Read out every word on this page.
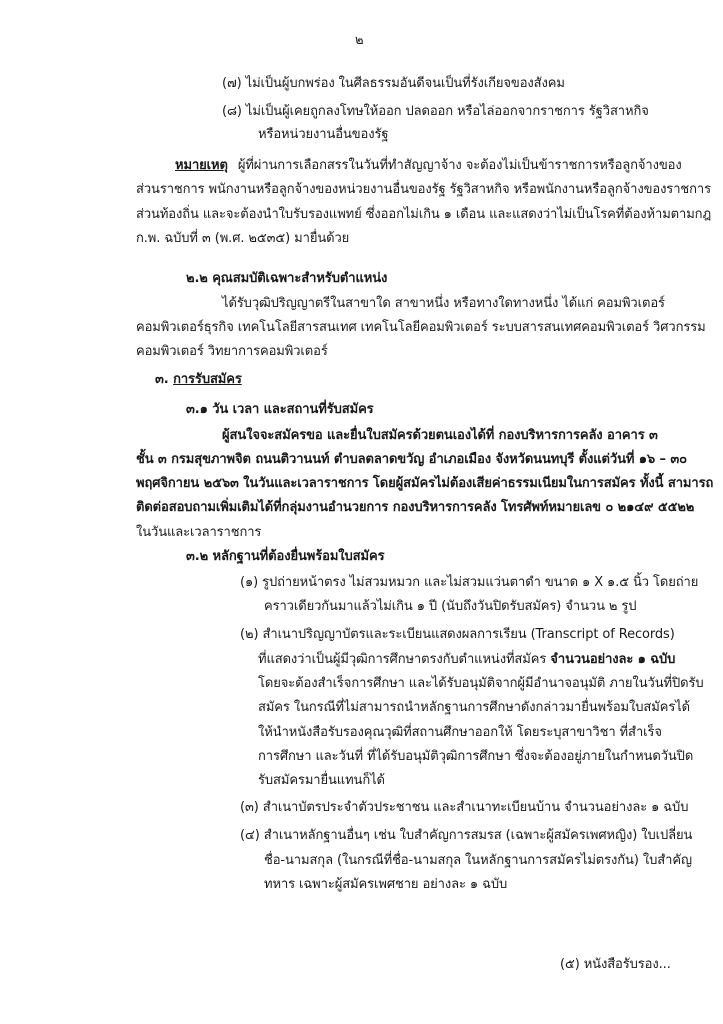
๒
(๗) ไม่เป็นผู้บกพร่อง ในศีลธรรมอันดีจนเป็นที่รังเกียจของสังคม
(๘) ไม่เป็นผู้เคยถูกลงโทษให้ออก ปลดออก หรือไล่ออกจากราชการ รัฐวิสาหกิจ
หรือหน่วยงานอื่นของรัฐ
หมายเหตุ ผู้ที่ผ่านการเลือกสรรในวันที่ทำสัญญาจ้าง จะต้องไม่เป็นข้าราชการหรือลูกจ้างของ
ส่วนราชการ พนักงานหรือลูกจ้างของหน่วยงานอื่นของรัฐ รัฐวิสาหกิจ หรือพนักงานหรือลูกจ้างของราชการ
ส่วนท้องถิ่น และจะต้องนำใบรับรองแพทย์ ซึ่งออกไม่เกิน ๑ เดือน และแสดงว่าไม่เป็นโรคที่ต้องห้ามตามกฎ
ก.พ. ฉบับที่ ๓ (พ.ศ. ๒๕๓๕) มายื่นด้วย
๒.๒ คุณสมบัติเฉพาะสำหรับตำแหน่ง
ได้รับวุฒิปริญญาตรีในสาขาใด สาขาหนึ่ง หรือทางใดทางหนึ่ง ได้แก่ คอมพิวเตอร์
คอมพิวเตอร์ธุรกิจ เทคโนโลยีสารสนเทศ เทคโนโลยีคอมพิวเตอร์ ระบบสารสนเทศคอมพิวเตอร์ วิศวกรรม
คอมพิวเตอร์ วิทยาการคอมพิวเตอร์
๓. การรับสมัคร
๓.๑ วัน เวลา และสถานที่รับสมัคร
ผู้สนใจจะสมัครขอ และยื่นใบสมัครด้วยตนเองได้ที่ กองบริหารการคลัง อาคาร ๓
ชั้น ๓ กรมสุขภาพจิต ถนนติวานนท์ ตำบลตลาดขวัญ อำเภอเมือง จังหวัดนนทบุรี ตั้งแต่วันที่ ๑๖ – ๓๐
พฤศจิกายน ๒๕๖๓ ในวันและเวลาราชการ โดยผู้สมัครไม่ต้องเสียค่าธรรมเนียมในการสมัคร ทั้งนี้ สามารถ
ติดต่อสอบถามเพิ่มเติมได้ที่กลุ่มงานอำนวยการ กองบริหารการคลัง โทรศัพท์หมายเลข ๐ ๒๑๔๙ ๕๕๒๒
ในวันและเวลาราชการ
๓.๒ หลักฐานที่ต้องยื่นพร้อมใบสมัคร
(๑) รูปถ่ายหน้าตรง ไม่สวมหมวก และไม่สวมแว่นตาดำ ขนาด ๑ X ๑.๕ นิ้ว โดยถ่าย
คราวเดียวกันมาแล้วไม่เกิน ๑ ปี (นับถึงวันปิดรับสมัคร) จำนวน ๒ รูป
(๒) สำเนาปริญญาบัตรและระเบียนแสดงผลการเรียน (Transcript of Records)
ที่แสดงว่าเป็นผู้มีวุฒิการศึกษาตรงกับตำแหน่งที่สมัคร จำนวนอย่างละ ๑ ฉบับ
โดยจะต้องสำเร็จการศึกษา และได้รับอนุมัติจากผู้มีอำนาจอนุมัติ ภายในวันที่ปิดรับ
สมัคร ในกรณีที่ไม่สามารถนำหลักฐานการศึกษาดังกล่าวมายื่นพร้อมใบสมัครได้
ให้นำหนังสือรับรองคุณวุฒิที่สถานศึกษาออกให้ โดยระบุสาขาวิชา ที่สำเร็จ
การศึกษา และวันที่ ที่ได้รับอนุมัติวุฒิการศึกษา ซึ่งจะต้องอยู่ภายในกำหนดวันปิด
รับสมัครมายื่นแทนก็ได้
(๓) สำเนาบัตรประจำตัวประชาชน และสำเนาทะเบียนบ้าน จำนวนอย่างละ ๑ ฉบับ
(๔) สำเนาหลักฐานอื่นๆ เช่น ใบสำคัญการสมรส (เฉพาะผู้สมัครเพศหญิง) ใบเปลี่ยน
ชื่อ-นามสกุล (ในกรณีที่ชื่อ-นามสกุล ในหลักฐานการสมัครไม่ตรงกัน) ใบสำคัญ
ทหาร เฉพาะผู้สมัครเพศชาย อย่างละ ๑ ฉบับ
(๕) หนังสือรับรอง...
